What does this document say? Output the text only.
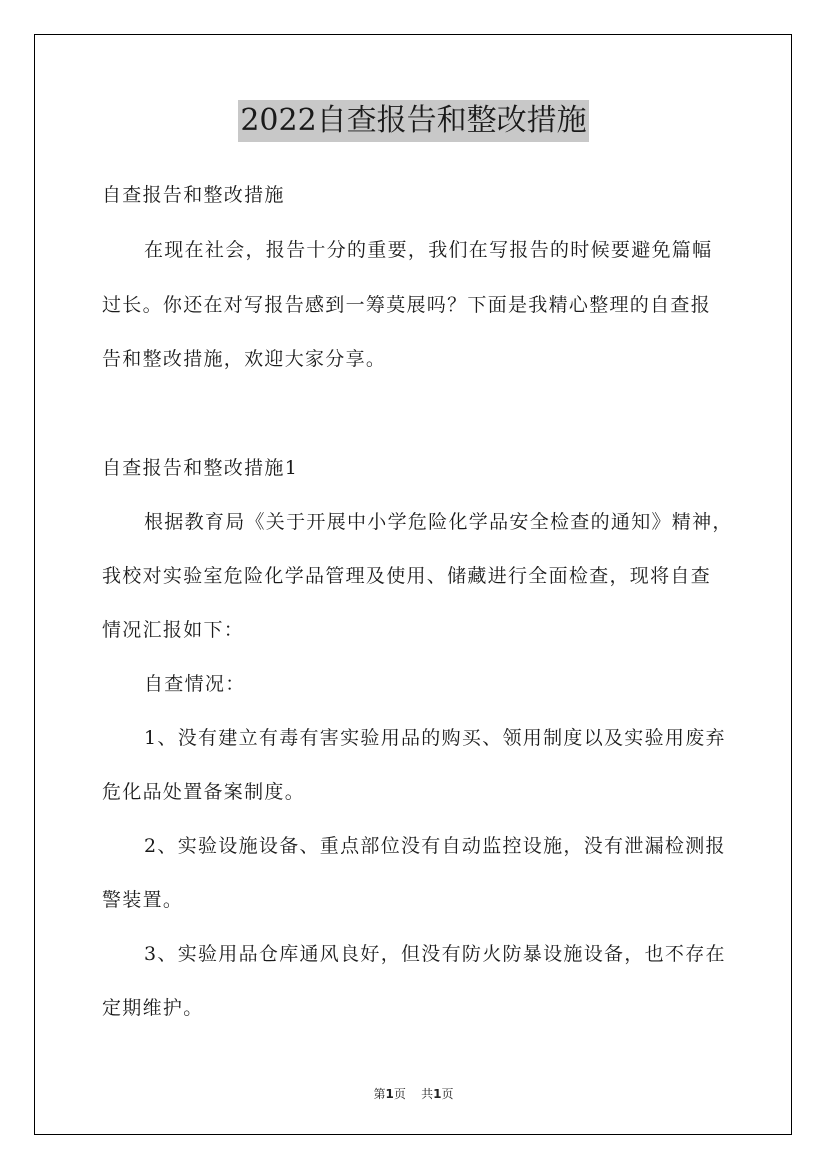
2022自查报告和整改措施
自查报告和整改措施
在现在社会，报告十分的重要，我们在写报告的时候要避免篇幅
过长。你还在对写报告感到一筹莫展吗？下面是我精心整理的自查报
告和整改措施，欢迎大家分享。
自查报告和整改措施1
根据教育局《关于开展中小学危险化学品安全检查的通知》精神，
我校对实验室危险化学品管理及使用、储藏进行全面检查，现将自查
情况汇报如下：
自查情况：
1、没有建立有毒有害实验用品的购买、领用制度以及实验用废弃
危化品处置备案制度。
2、实验设施设备、重点部位没有自动监控设施，没有泄漏检测报
警装置。
3、实验用品仓库通风良好，但没有防火防暴设施设备，也不存在
定期维护。
第1页 共1页
